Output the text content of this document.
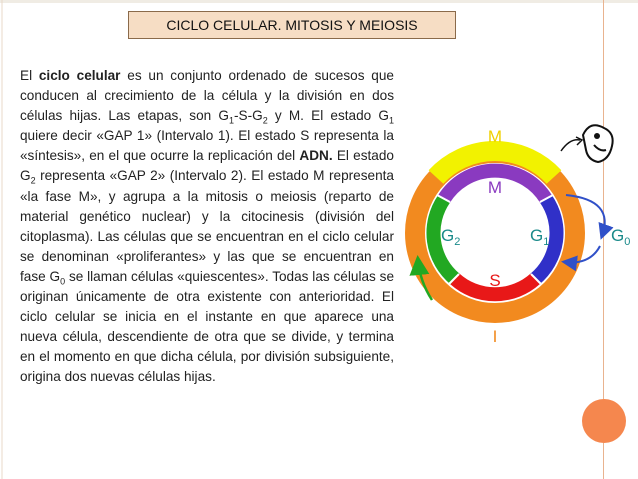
CICLO CELULAR. MITOSIS Y MEIOSIS

El ciclo celular es un conjunto ordenado de sucesos que conducen al crecimiento de la célula y la división en dos células hijas. Las etapas, son $G_1-S-G_2$ y M. El estado $G_1$ quiere decir «GAP 1» (Intervalo 1). El estado S representa la «síntesis», en el que ocurre la replicación del ADN. El estado $G_2$ representa «GAP 2» (Intervalo 2). El estado M representa «la fase M», y agrupa a la mitosis o meiosis (reparto de material genético nuclear) y la citocinesis (división del citoplasma). Las células que se encuentran en el ciclo celular se denominan «proliferantes» y las que se encuentran en fase $G_0$ se llaman células «quiescentes». Todas las células se originan únicamente de otra existente con anterioridad. El ciclo celular se inicia en el instante en que aparece una nueva célula, descendiente de otra que se divide, y termina en el momento en que dicha célula, por división subsiguiente, origina dos nuevas células hijas.

M
M
$G_2$	$G_1$	$G_0$
S
I
